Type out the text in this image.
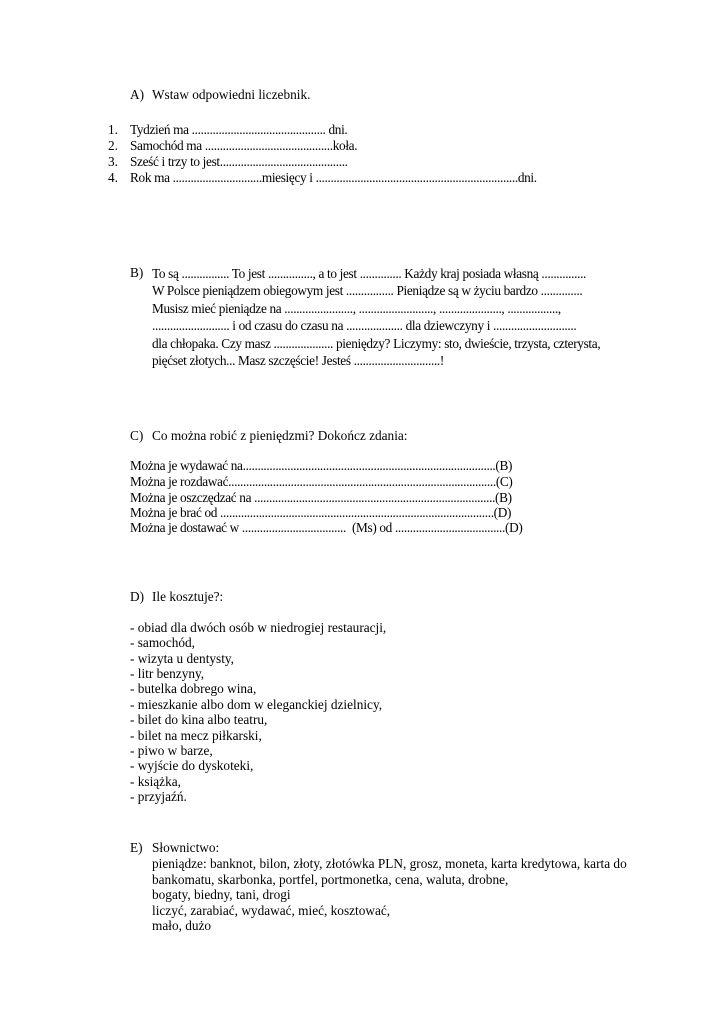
A) Wstaw odpowiedni liczebnik.
1. Tydzień ma ............................................. dni.
2. Samochód ma ...........................................koła.
3. Sześć i trzy to jest...........................................
4. Rok ma ..............................miesięcy i ....................................................................dni.
B) To są ................ To jest ..............., a to jest .............. Każdy kraj posiada własną ...............
W Polsce pieniądzem obiegowym jest ................ Pieniądze są w życiu bardzo ..............
Musisz mieć pieniądze na ......................., ........................., ....................., .................,
.......................... i od czasu do czasu na ................... dla dziewczyny i ............................
dla chłopaka. Czy masz .................... pieniędzy? Liczymy: sto, dwieście, trzysta, czterysta,
pięćset złotych... Masz szczęście! Jesteś .............................!
C) Co można robić z pieniędzmi? Dokończ zdania:
Można je wydawać na.....................................................................................(B)
Można je rozdawać..........................................................................................(C)
Można je oszczędzać na .................................................................................(B)
Można je brać od ............................................................................................(D)
Można je dostawać w ...................................  (Ms) od .....................................(D)
D) Ile kosztuje?:
- obiad dla dwóch osób w niedrogiej restauracji,
- samochód,
- wizyta u dentysty,
- litr benzyny,
- butelka dobrego wina,
- mieszkanie albo dom w eleganckiej dzielnicy,
- bilet do kina albo teatru,
- bilet na mecz piłkarski,
- piwo w barze,
- wyjście do dyskoteki,
- książka,
- przyjaźń.
E) Słownictwo:
pieniądze: banknot, bilon, złoty, złotówka PLN, grosz, moneta, karta kredytowa, karta do
bankomatu, skarbonka, portfel, portmonetka, cena, waluta, drobne,
bogaty, biedny, tani, drogi
liczyć, zarabiać, wydawać, mieć, kosztować,
mało, dużo
